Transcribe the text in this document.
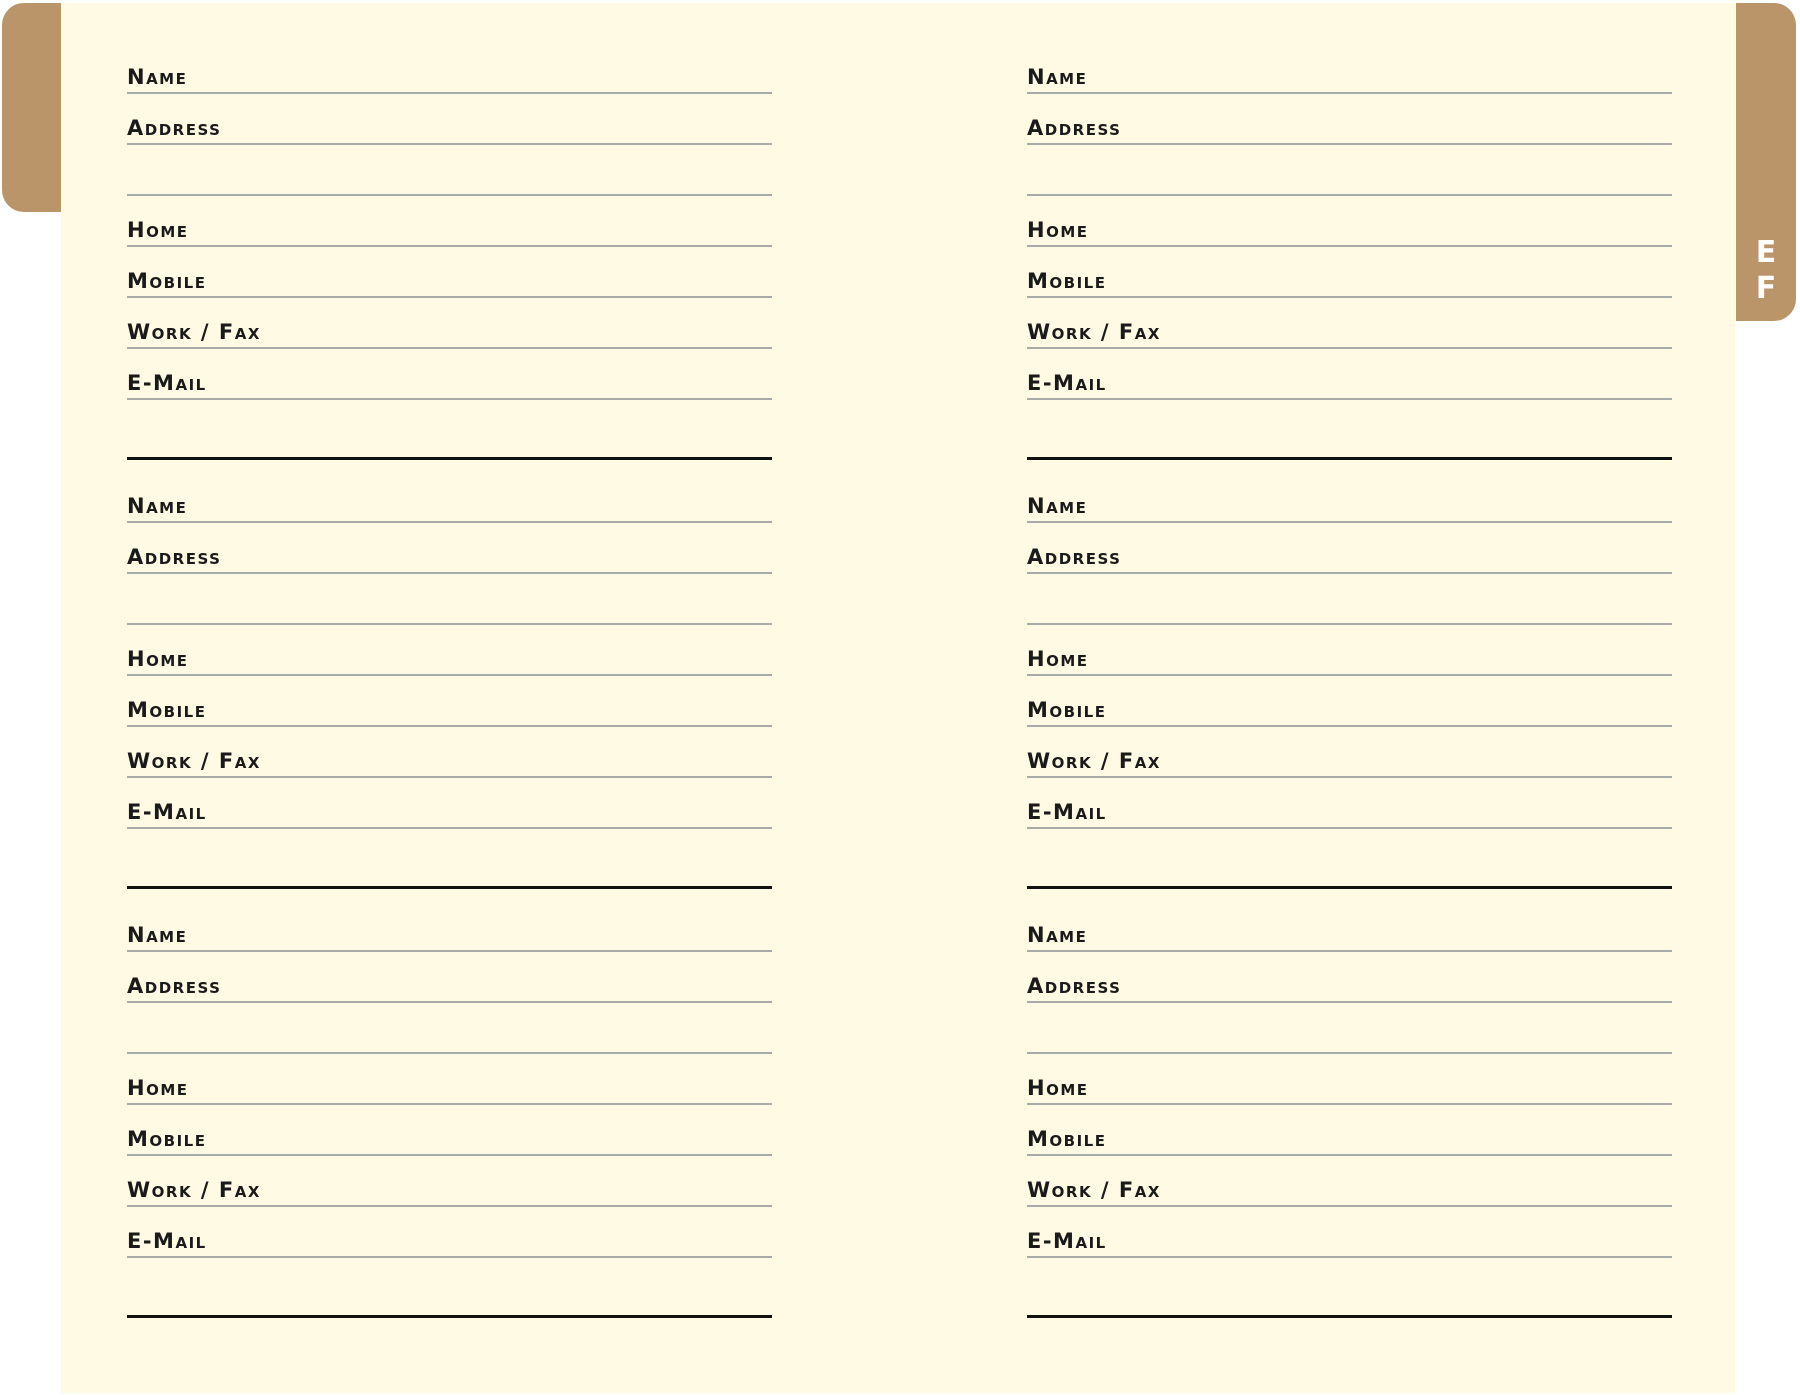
E
F
Name
Address
Home
Mobile
Work / Fax
E-Mail
Name
Address
Home
Mobile
Work / Fax
E-Mail
Name
Address
Home
Mobile
Work / Fax
E-Mail
Name
Address
Home
Mobile
Work / Fax
E-Mail
Name
Address
Home
Mobile
Work / Fax
E-Mail
Name
Address
Home
Mobile
Work / Fax
E-Mail
